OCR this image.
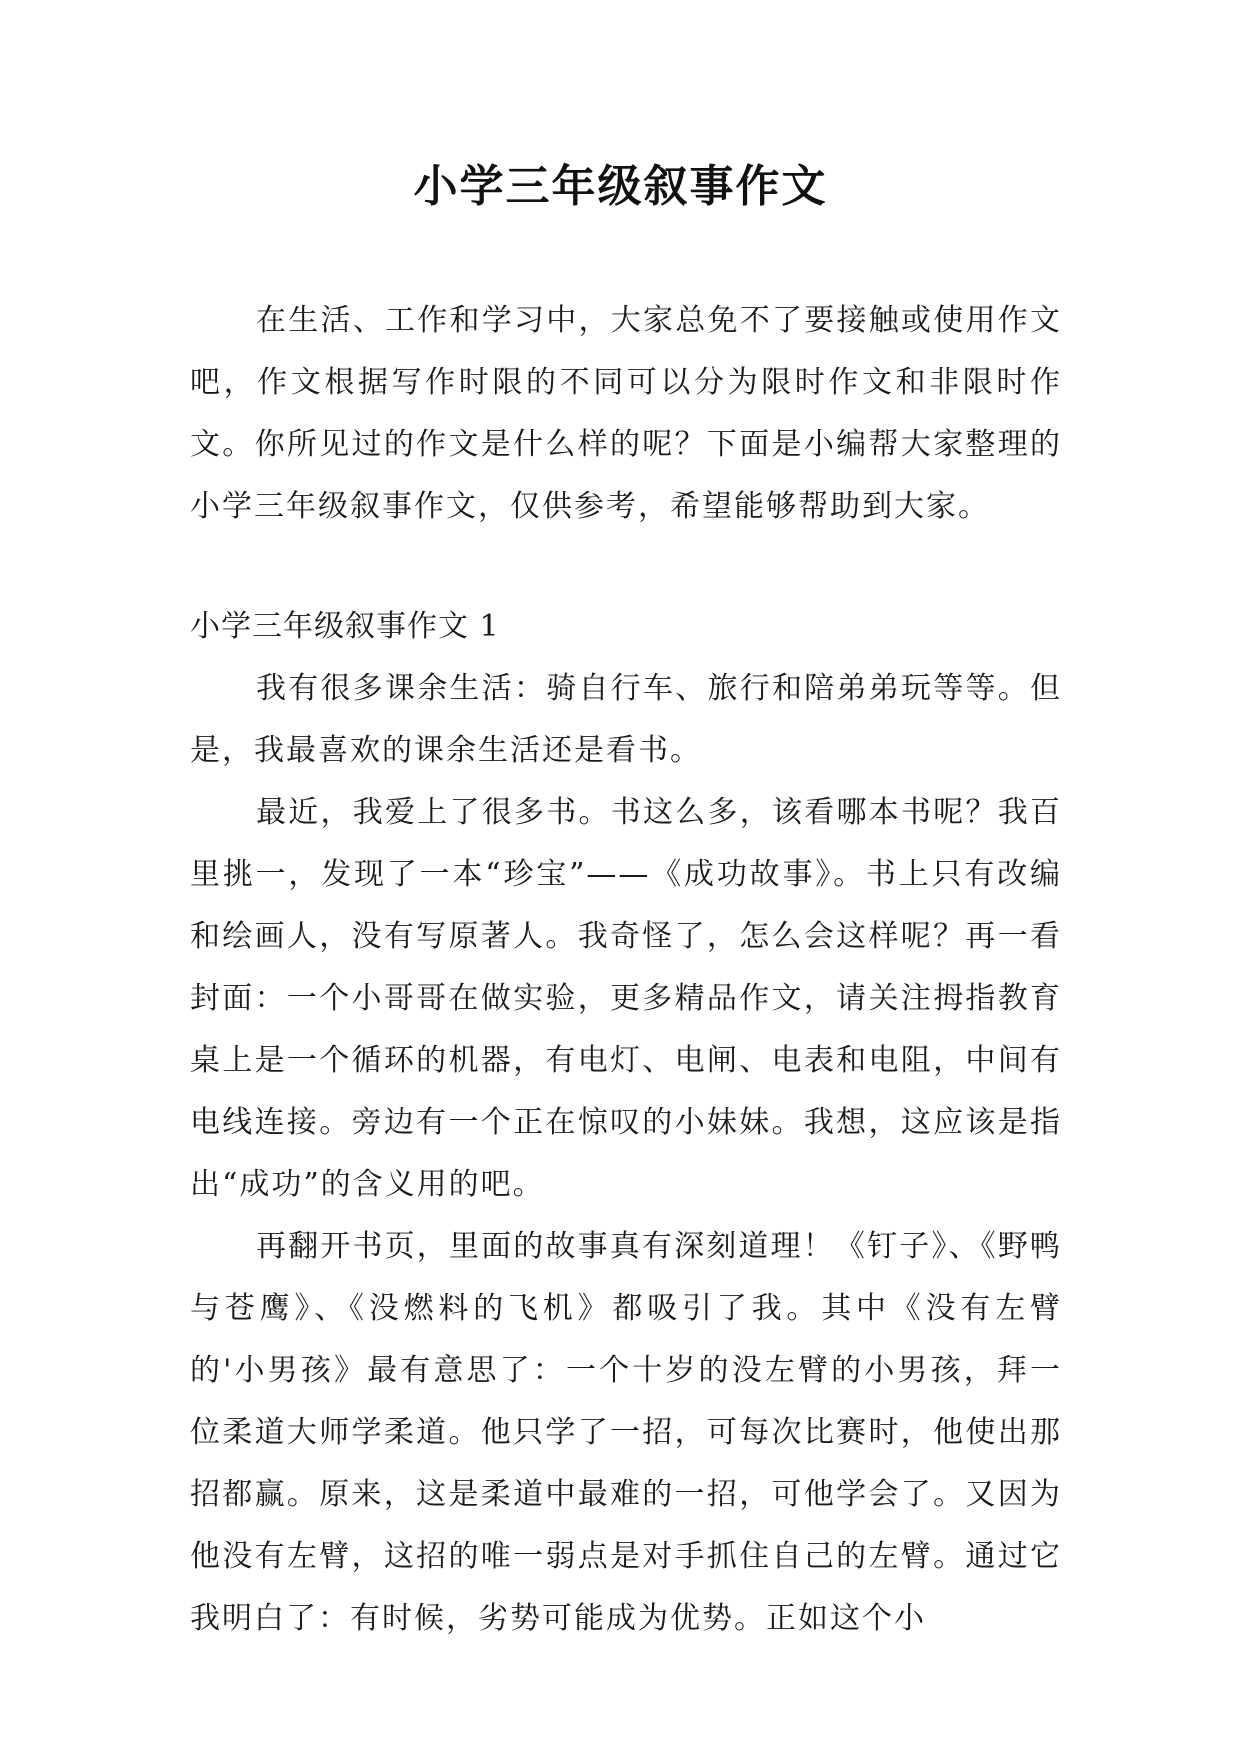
小学三年级叙事作文

在生活、工作和学习中，大家总免不了要接触或使用作文吧，作文根据写作时限的不同可以分为限时作文和非限时作文。你所见过的作文是什么样的呢？下面是小编帮大家整理的小学三年级叙事作文，仅供参考，希望能够帮助到大家。

小学三年级叙事作文 1

我有很多课余生活：骑自行车、旅行和陪弟弟玩等等。但是，我最喜欢的课余生活还是看书。

最近，我爱上了很多书。书这么多，该看哪本书呢？我百里挑一，发现了一本“珍宝”——《成功故事》。书上只有改编和绘画人，没有写原著人。我奇怪了，怎么会这样呢？再一看封面：一个小哥哥在做实验，更多精品作文，请关注拇指教育桌上是一个循环的机器，有电灯、电闸、电表和电阻，中间有电线连接。旁边有一个正在惊叹的小妹妹。我想，这应该是指出“成功”的含义用的吧。

再翻开书页，里面的故事真有深刻道理！《钉子》、《野鸭与苍鹰》、《没燃料的飞机》都吸引了我。其中《没有左臂的'小男孩》最有意思了：一个十岁的没左臂的小男孩，拜一位柔道大师学柔道。他只学了一招，可每次比赛时，他使出那招都赢。原来，这是柔道中最难的一招，可他学会了。又因为他没有左臂，这招的唯一弱点是对手抓住自己的左臂。通过它我明白了：有时候，劣势可能成为优势。正如这个小
